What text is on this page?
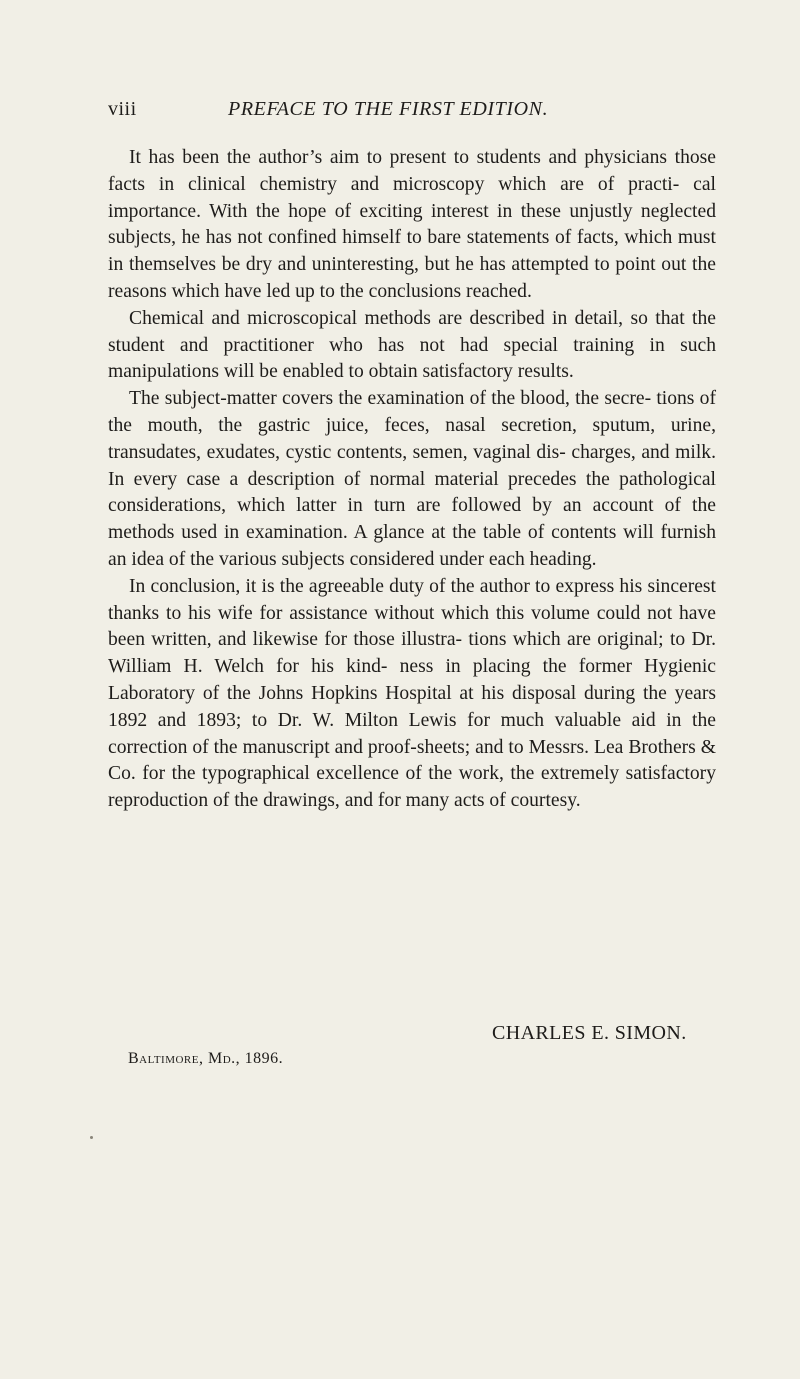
viii	PREFACE TO THE FIRST EDITION.

It has been the author’s aim to present to students and physicians those facts in clinical chemistry and microscopy which are of practi- cal importance. With the hope of exciting interest in these unjustly neglected subjects, he has not confined himself to bare statements of facts, which must in themselves be dry and uninteresting, but he has attempted to point out the reasons which have led up to the conclusions reached.

Chemical and microscopical methods are described in detail, so that the student and practitioner who has not had special training in such manipulations will be enabled to obtain satisfactory results.

The subject-matter covers the examination of the blood, the secre- tions of the mouth, the gastric juice, feces, nasal secretion, sputum, urine, transudates, exudates, cystic contents, semen, vaginal dis- charges, and milk. In every case a description of normal material precedes the pathological considerations, which latter in turn are followed by an account of the methods used in examination. A glance at the table of contents will furnish an idea of the various subjects considered under each heading.

In conclusion, it is the agreeable duty of the author to express his sincerest thanks to his wife for assistance without which this volume could not have been written, and likewise for those illustra- tions which are original; to Dr. William H. Welch for his kind- ness in placing the former Hygienic Laboratory of the Johns Hopkins Hospital at his disposal during the years 1892 and 1893; to Dr. W. Milton Lewis for much valuable aid in the correction of the manuscript and proof-sheets; and to Messrs. Lea Brothers & Co. for the typographical excellence of the work, the extremely satisfactory reproduction of the drawings, and for many acts of courtesy.

CHARLES E. SIMON.
Baltimore, Md., 1896.
